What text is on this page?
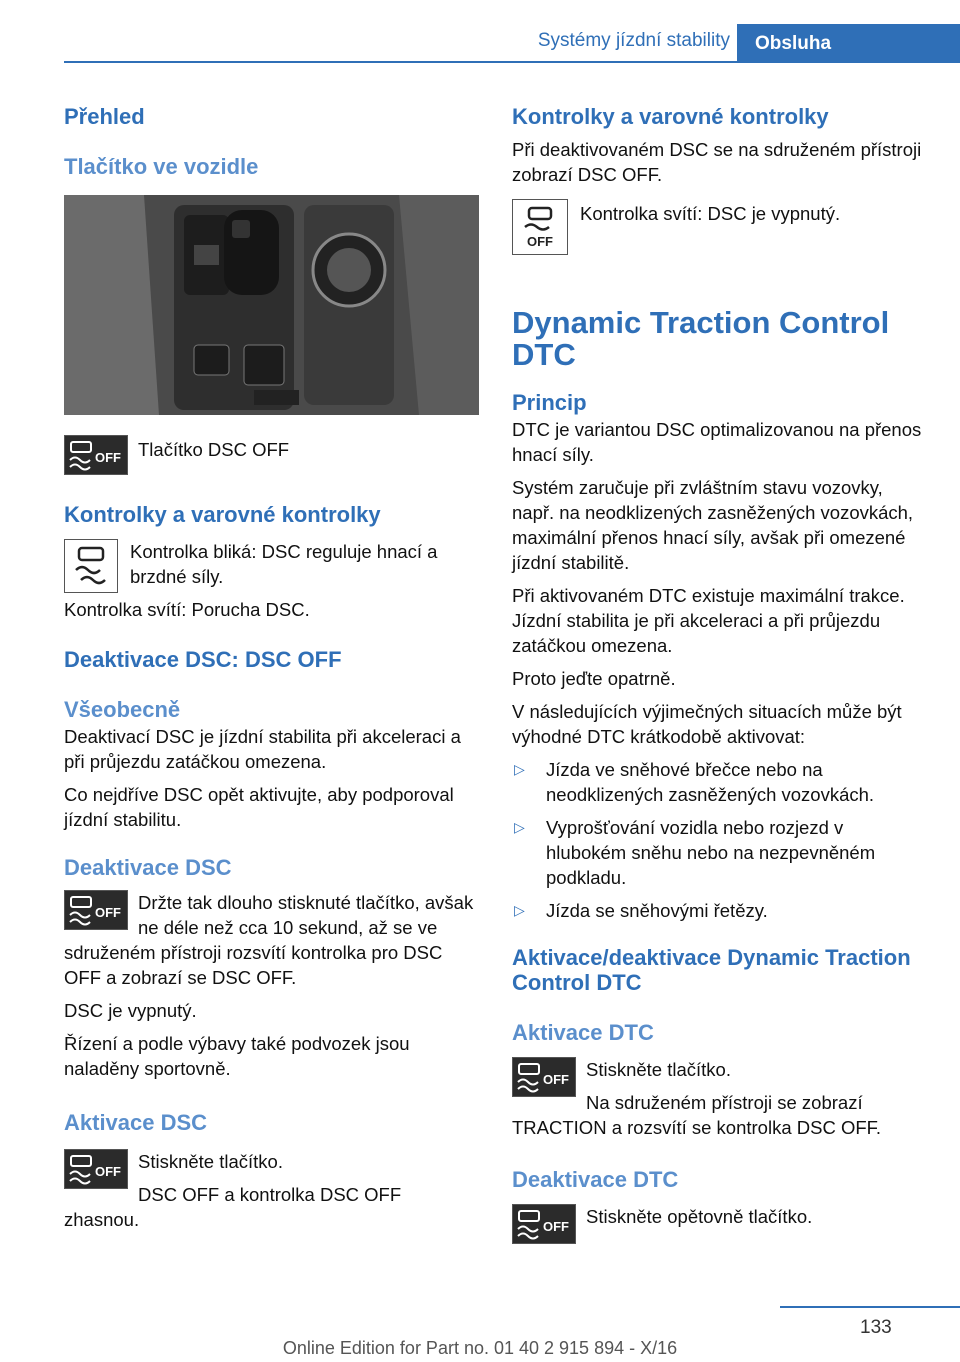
Systémy jízdní stability	Obsluha
Přehled
Tlačítko ve vozidle
OFF Tlačítko DSC OFF

Kontrolky a varovné kontrolky

Kontrolka bliká: DSC reguluje hnací a brzdné síly.

Kontrolka svítí: Porucha DSC.

Deaktivace DSC: DSC OFF
Všeobecně

Deaktivací DSC je jízdní stabilita při akceleraci a při průjezdu zatáčkou omezena.

Co nejdříve DSC opět aktivujte, aby podporoval jízdní stabilitu.

Deaktivace DSC
OFF Držte tak dlouho stisknuté tlačítko, avšak ne déle než cca 10 sekund, až se ve sdruženém přístroji rozsvítí kontrolka pro DSC OFF a zobrazí se DSC OFF.

DSC je vypnutý.

Řízení a podle výbavy také podvozek jsou naladěny sportovně.

Aktivace DSC
OFF Stiskněte tlačítko.

DSC OFF a kontrolka DSC OFF zhasnou.

Kontrolky a varovné kontrolky

Při deaktivovaném DSC se na sdruženém přístroji zobrazí DSC OFF.

OFF

Kontrolka svítí: DSC je vypnutý.

Dynamic Traction Control DTC
Princip

DTC je variantou DSC optimalizovanou na přenos hnací síly.

Systém zaručuje při zvláštním stavu vozovky, např. na neodklizených zasněžených vozovkách, maximální přenos hnací síly, avšak při omezené jízdní stabilitě.

Při aktivovaném DTC existuje maximální trakce. Jízdní stabilita je při akceleraci a při průjezdu zatáčkou omezena.

Proto jeďte opatrně.

V následujících výjimečných situacích může být výhodné DTC krátkodobě aktivovat:

▷ Jízda ve sněhové břečce nebo na neodklizených zasněžených vozovkách.
▷ Vyprošťování vozidla nebo rozjezd v hlubokém sněhu nebo na nezpevněném podkladu.
▷ Jízda se sněhovými řetězy.
Aktivace/deaktivace Dynamic Traction Control DTC
Aktivace DTC
OFF Stiskněte tlačítko.

Na sdruženém přístroji se zobrazí TRACTION a rozsvítí se kontrolka DSC OFF.

Deaktivace DTC
OFF Stiskněte opětovně tlačítko.

133
Online Edition for Part no. 01 40 2 915 894 - X/16
